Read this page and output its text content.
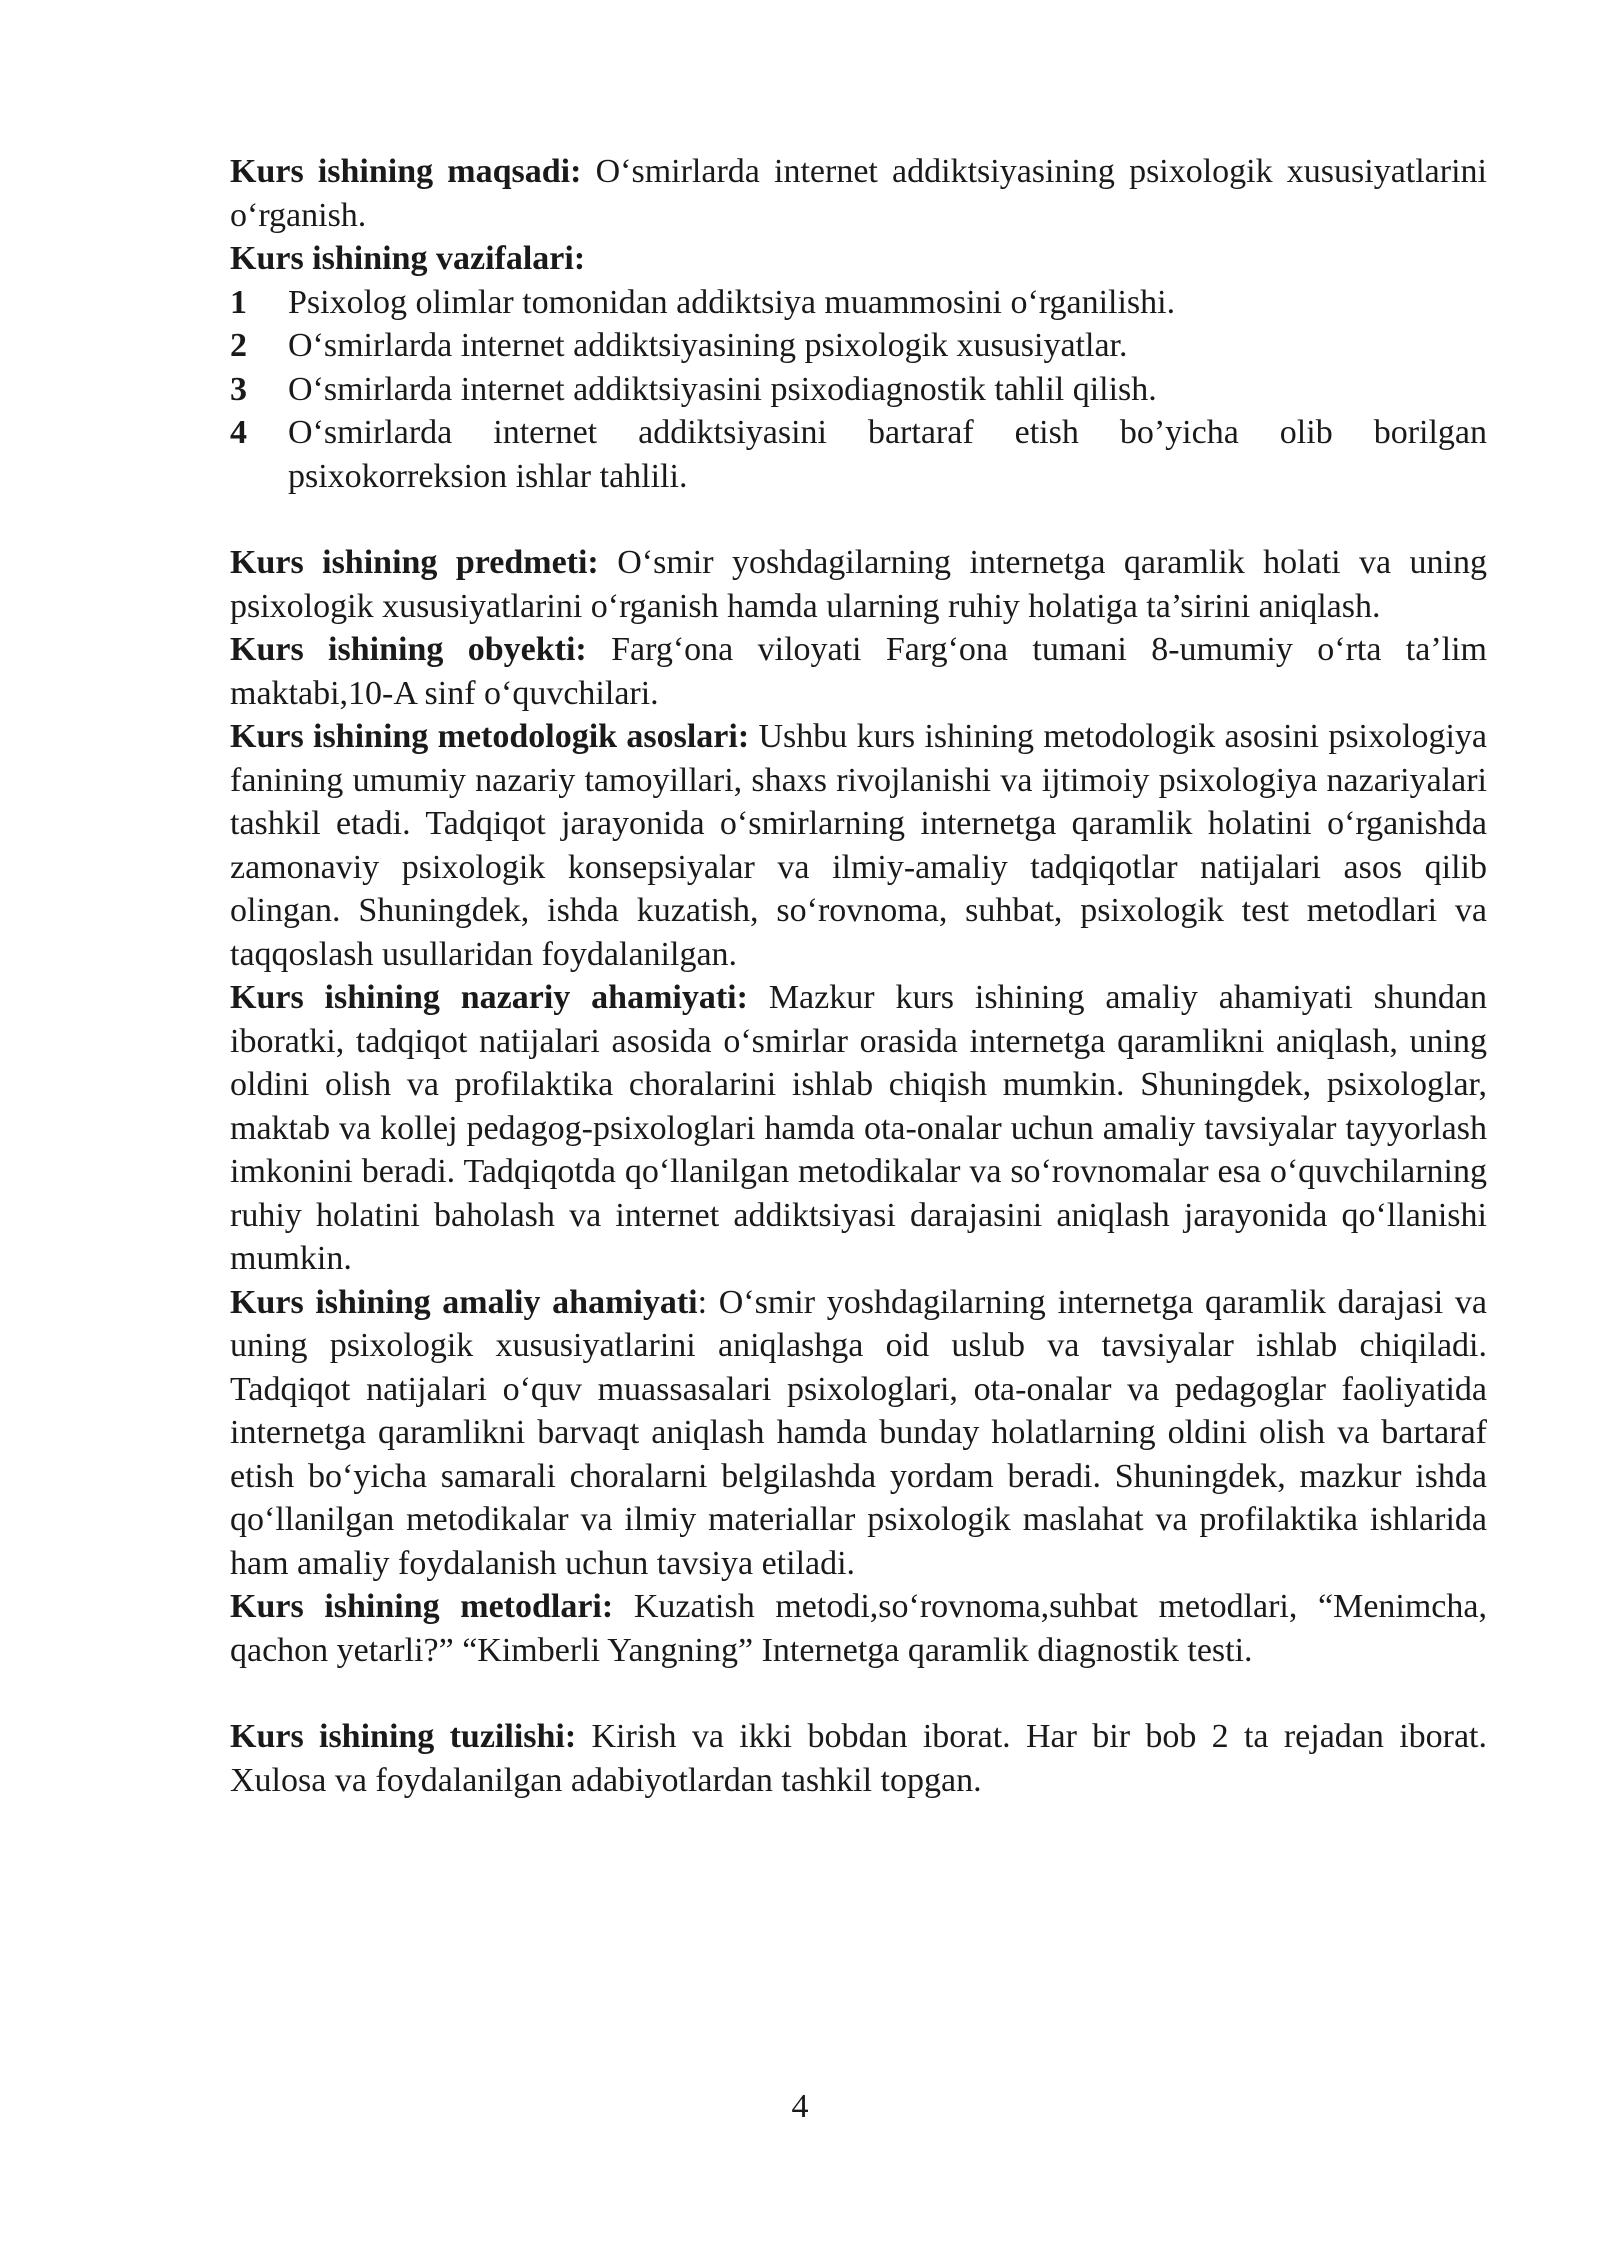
Kurs ishining maqsadi: O‘smirlarda internet addiktsiyasining psixologik xususiyatlarini o‘rganish.

Kurs ishining vazifalari:

1	Psixolog olimlar tomonidan addiktsiya muammosini o‘rganilishi.
2	O‘smirlarda internet addiktsiyasining psixologik xususiyatlar.
3	O‘smirlarda internet addiktsiyasini psixodiagnostik tahlil qilish.
4	O‘smirlarda internet addiktsiyasini bartaraf etish bo’yicha olib borilgan psixokorreksion ishlar tahlili.

Kurs ishining predmeti: O‘smir yoshdagilarning internetga qaramlik holati va uning psixologik xususiyatlarini o‘rganish hamda ularning ruhiy holatiga ta’sirini aniqlash.

Kurs ishining obyekti: Farg‘ona viloyati Farg‘ona tumani 8-umumiy o‘rta ta’lim maktabi,10-A sinf o‘quvchilari.

Kurs ishining metodologik asoslari: Ushbu kurs ishining metodologik asosini psixologiya fanining umumiy nazariy tamoyillari, shaxs rivojlanishi va ijtimoiy psixologiya nazariyalari tashkil etadi. Tadqiqot jarayonida o‘smirlarning internetga qaramlik holatini o‘rganishda zamonaviy psixologik konsepsiyalar va ilmiy-amaliy tadqiqotlar natijalari asos qilib olingan. Shuningdek, ishda kuzatish, so‘rovnoma, suhbat, psixologik test metodlari va taqqoslash usullaridan foydalanilgan.

Kurs ishining nazariy ahamiyati: Mazkur kurs ishining amaliy ahamiyati shundan iboratki, tadqiqot natijalari asosida o‘smirlar orasida internetga qaramlikni aniqlash, uning oldini olish va profilaktika choralarini ishlab chiqish mumkin. Shuningdek, psixologlar, maktab va kollej pedagog-psixologlari hamda ota-onalar uchun amaliy tavsiyalar tayyorlash imkonini beradi. Tadqiqotda qo‘llanilgan metodikalar va so‘rovnomalar esa o‘quvchilarning ruhiy holatini baholash va internet addiktsiyasi darajasini aniqlash jarayonida qo‘llanishi mumkin.

Kurs ishining amaliy ahamiyati: O‘smir yoshdagilarning internetga qaramlik darajasi va uning psixologik xususiyatlarini aniqlashga oid uslub va tavsiyalar ishlab chiqiladi. Tadqiqot natijalari o‘quv muassasalari psixologlari, ota-onalar va pedagoglar faoliyatida internetga qaramlikni barvaqt aniqlash hamda bunday holatlarning oldini olish va bartaraf etish bo‘yicha samarali choralarni belgilashda yordam beradi. Shuningdek, mazkur ishda qo‘llanilgan metodikalar va ilmiy materiallar psixologik maslahat va profilaktika ishlarida ham amaliy foydalanish uchun tavsiya etiladi.

Kurs ishining metodlari: Kuzatish metodi,so‘rovnoma,suhbat metodlari, “Menimcha, qachon yetarli?” “Kimberli Yangning” Internetga qaramlik diagnostik testi.

Kurs ishining tuzilishi: Kirish va ikki bobdan iborat. Har bir bob 2 ta rejadan iborat. Xulosa va foydalanilgan adabiyotlardan tashkil topgan.

4
